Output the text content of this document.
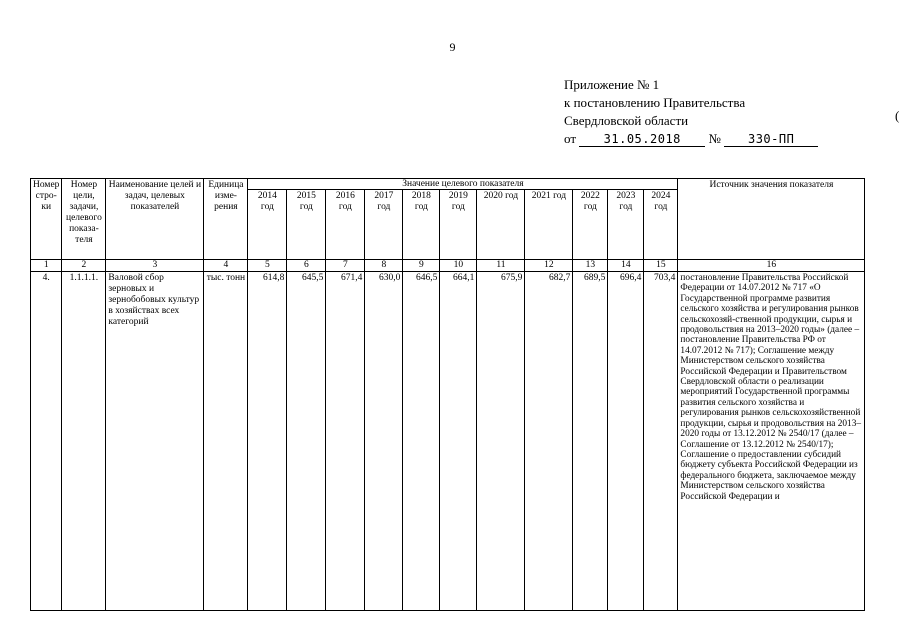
9
Приложение № 1
к постановлению Правительства
Свердловской области
от 31.05.2018 № 330-ПП
(
Номер стро-ки	Номер цели, задачи, целевого показа-теля	Наименование целей и задач, целевых показателей	Единица изме-рения	Значение целевого показателя											Источник значения показателя
				2014 год	2015 год	2016 год	2017 год	2018 год	2019 год	2020 год	2021 год	2022 год	2023 год	2024 год	
1	2	3	4	5	6	7	8	9	10	11	12	13	14	15	16
4.	1.1.1.1.	Валовой сбор зерновых и зернобобовых культур в хозяйствах всех категорий	тыс. тонн	614,8	645,5	671,4	630,0	646,5	664,1	675,9	682,7	689,5	696,4	703,4	постановление Правительства Российской Федерации от 14.07.2012 № 717 «О Государственной программе развития сельского хозяйства и регулирования рынков сельскохозяй-ственной продукции, сырья и продовольствия на 2013–2020 годы» (далее – постановление Правительства РФ от 14.07.2012 № 717); Соглашение между Министерством сельского хозяйства Российской Федерации и Правительством Свердловской области о реализации мероприятий Государственной программы развития сельского хозяйства и регулирования рынков сельскохозяйственной продукции, сырья и продовольствия на 2013–2020 годы от 13.12.2012 № 2540/17 (далее – Соглашение от 13.12.2012 № 2540/17); Соглашение о предоставлении субсидий бюджету субъекта Российской Федерации из федерального бюджета, заключаемое между Министерством сельского хозяйства Российской Федерации и
